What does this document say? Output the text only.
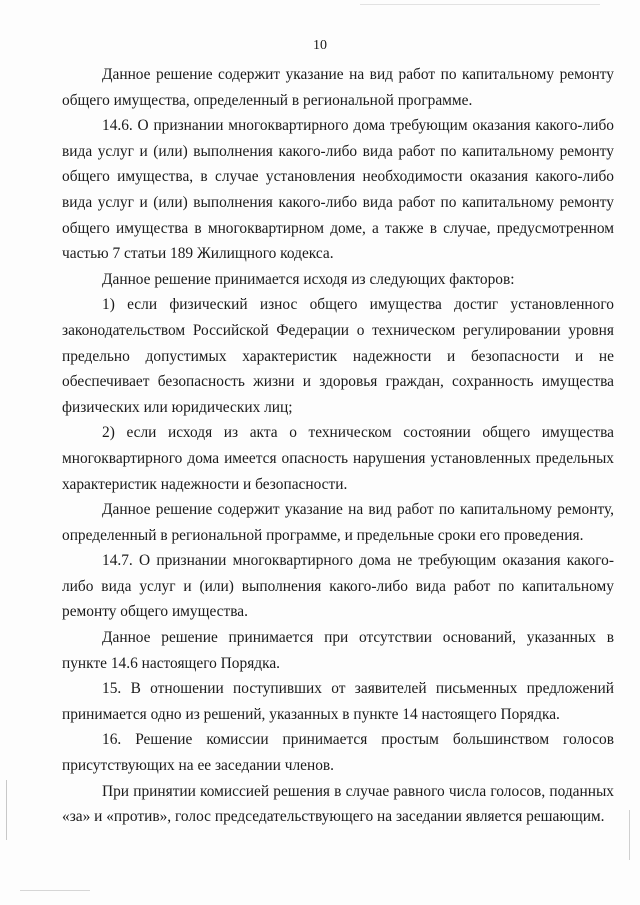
10

Данное решение содержит указание на вид работ по капитальному ремонту общего имущества, определенный в региональной программе.

14.6. О признании многоквартирного дома требующим оказания какого-либо вида услуг и (или) выполнения какого-либо вида работ по капитальному ремонту общего имущества, в случае установления необходимости оказания какого-либо вида услуг и (или) выполнения какого-либо вида работ по капитальному ремонту общего имущества в многоквартирном доме, а также в случае, предусмотренном частью 7 статьи 189 Жилищного кодекса.

Данное решение принимается исходя из следующих факторов:

1) если физический износ общего имущества достиг установленного законодательством Российской Федерации о техническом регулировании уровня предельно допустимых характеристик надежности и безопасности и не обеспечивает безопасность жизни и здоровья граждан, сохранность имущества физических или юридических лиц;

2) если исходя из акта о техническом состоянии общего имущества многоквартирного дома имеется опасность нарушения установленных предельных характеристик надежности и безопасности.

Данное решение содержит указание на вид работ по капитальному ремонту, определенный в региональной программе, и предельные сроки его проведения.

14.7. О признании многоквартирного дома не требующим оказания какого-либо вида услуг и (или) выполнения какого-либо вида работ по капитальному ремонту общего имущества.

Данное решение принимается при отсутствии оснований, указанных в пункте 14.6 настоящего Порядка.

15. В отношении поступивших от заявителей письменных предложений принимается одно из решений, указанных в пункте 14 настоящего Порядка.

16. Решение комиссии принимается простым большинством голосов присутствующих на ее заседании членов.

При принятии комиссией решения в случае равного числа голосов, поданных «за» и «против», голос председательствующего на заседании является решающим.
